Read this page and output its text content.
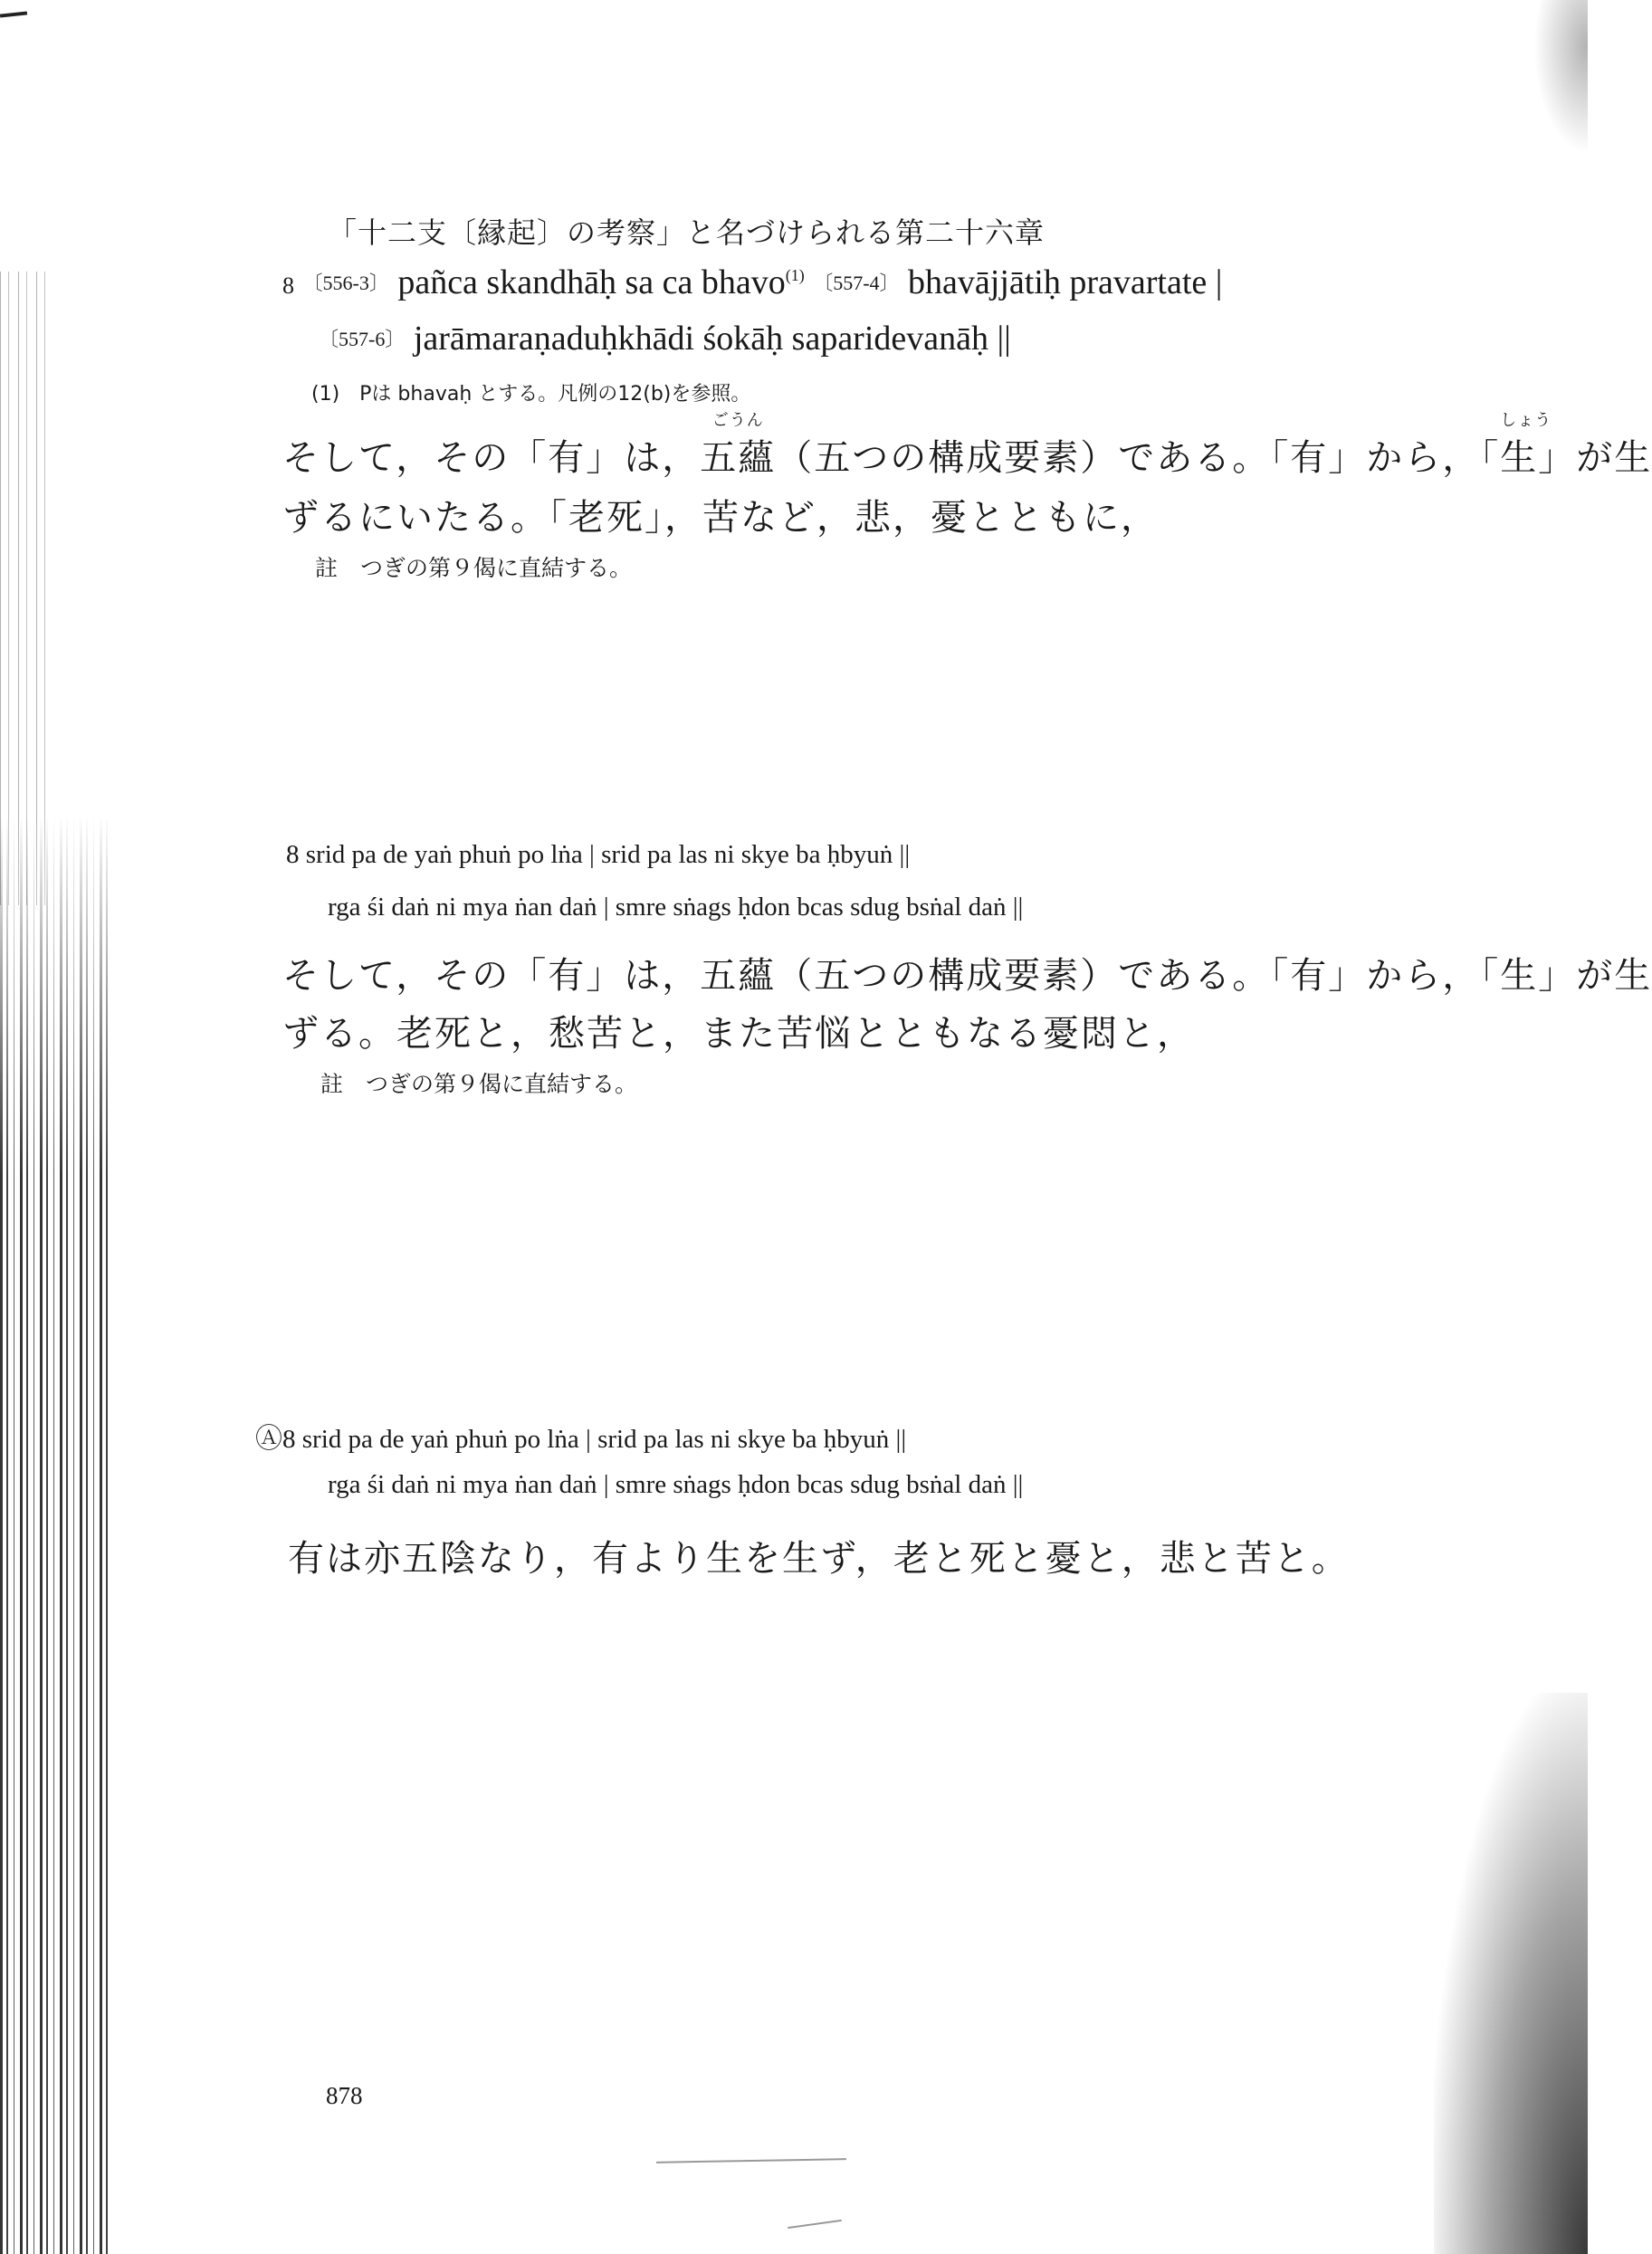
「十二支〔縁起〕の考察」と名づけられる第二十六章
8 〔556-3〕 pañca skandhāḥ sa ca bhavo$^{(1)}$ 〔557-4〕 bhavājjātiḥ pravartate |
〔557-6〕 jarāmaraṇaduḥkhādi śokāḥ saparidevanāḥ ||
(1)　Pは bhavaḥ とする。凡例の12(b)を参照。
そして，その「有」は，
ごうん
五蘊（五つの構成要素）である。「有」から，「
しょう
生」が生
ずるにいたる。「老死」，苦など，悲，憂とともに，
註　つぎの第９偈に直結する。
8 srid pa de yaṅ phuṅ po lṅa | srid pa las ni skye ba ḥbyuṅ ||
rga śi daṅ ni mya ṅan daṅ | smre sṅags ḥdon bcas sdug bsṅal daṅ ||
そして，その「有」は，五蘊（五つの構成要素）である。「有」から，「生」が生
ずる。老死と，愁苦と，また苦悩とともなる憂悶と，
註　つぎの第９偈に直結する。
Ⓐ8 srid pa de yaṅ phuṅ po lṅa | srid pa las ni skye ba ḥbyuṅ ||
rga śi daṅ ni mya ṅan daṅ | smre sṅags ḥdon bcas sdug bsṅal daṅ ||
有は亦五陰なり，有より生を生ず，老と死と憂と，悲と苦と。
878
